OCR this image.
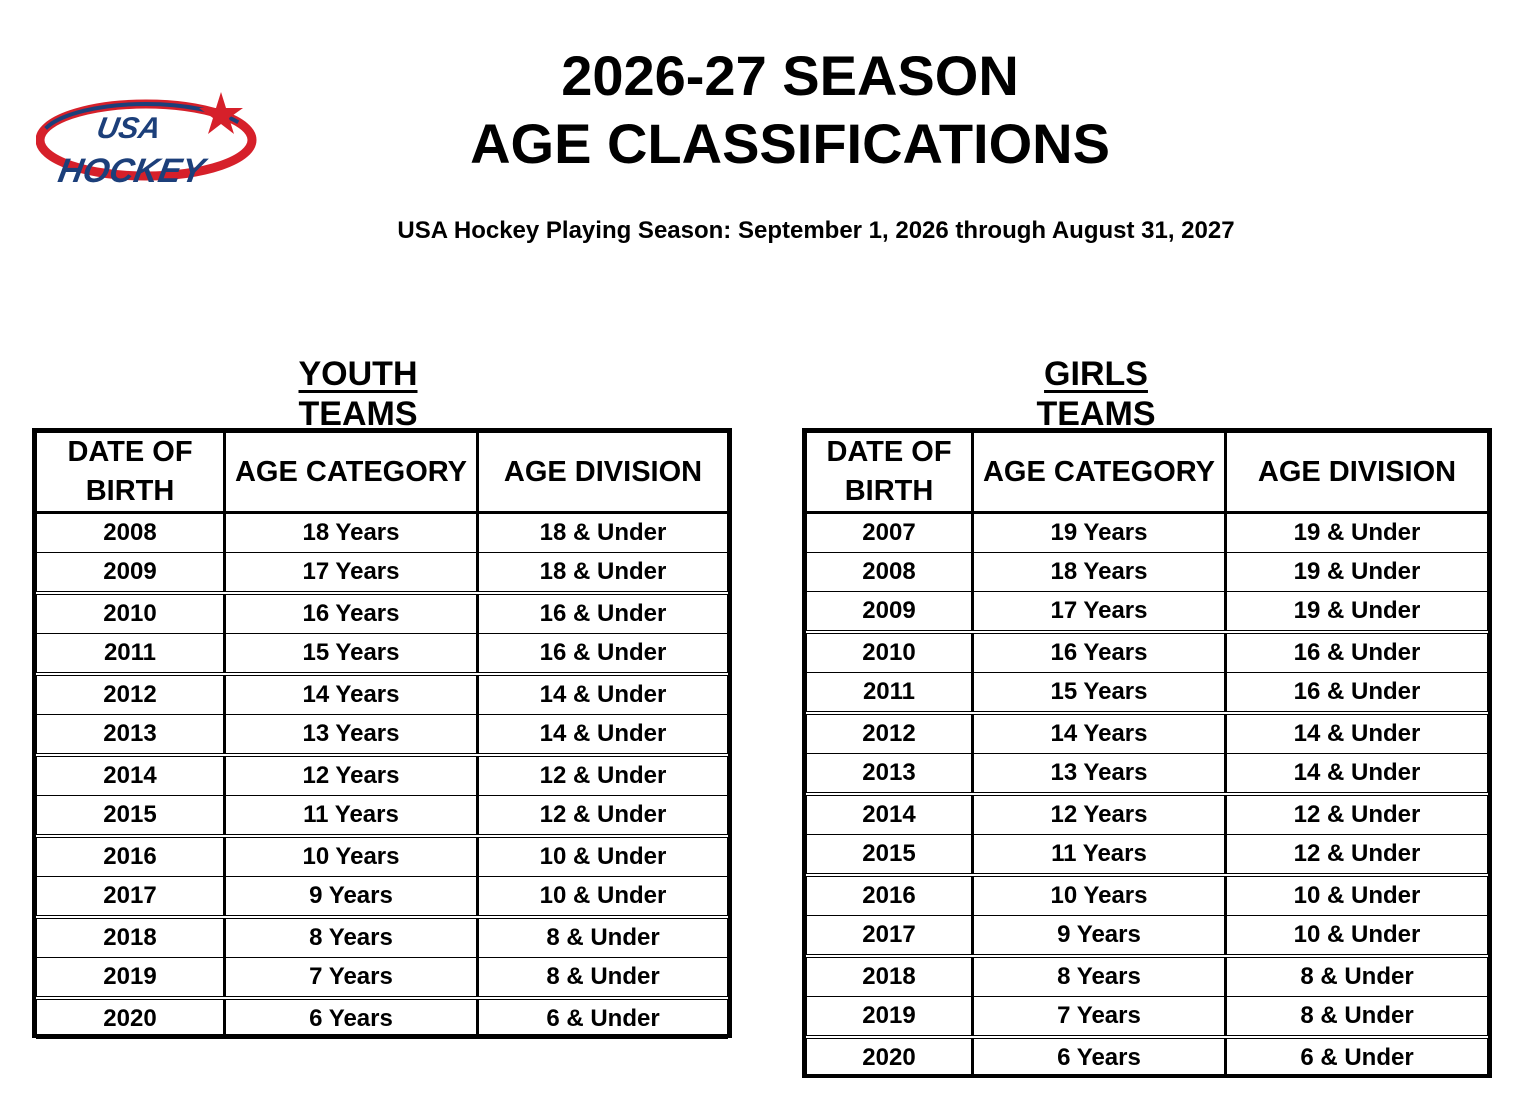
USA
HOCKEY
2026-27 SEASON
AGE CLASSIFICATIONS
USA Hockey Playing Season: September 1, 2026 through August 31, 2027
YOUTH TEAMS
DATE OF BIRTH	AGE CATEGORY	AGE DIVISION
2008	18 Years	18 & Under
2009	17 Years	18 & Under
2010	16 Years	16 & Under
2011	15 Years	16 & Under
2012	14 Years	14 & Under
2013	13 Years	14 & Under
2014	12 Years	12 & Under
2015	11 Years	12 & Under
2016	10 Years	10 & Under
2017	9 Years	10 & Under
2018	8 Years	8 & Under
2019	7 Years	8 & Under
2020	6 Years	6 & Under
GIRLS TEAMS
DATE OF BIRTH	AGE CATEGORY	AGE DIVISION
2007	19 Years	19 & Under
2008	18 Years	19 & Under
2009	17 Years	19 & Under
2010	16 Years	16 & Under
2011	15 Years	16 & Under
2012	14 Years	14 & Under
2013	13 Years	14 & Under
2014	12 Years	12 & Under
2015	11 Years	12 & Under
2016	10 Years	10 & Under
2017	9 Years	10 & Under
2018	8 Years	8 & Under
2019	7 Years	8 & Under
2020	6 Years	6 & Under
